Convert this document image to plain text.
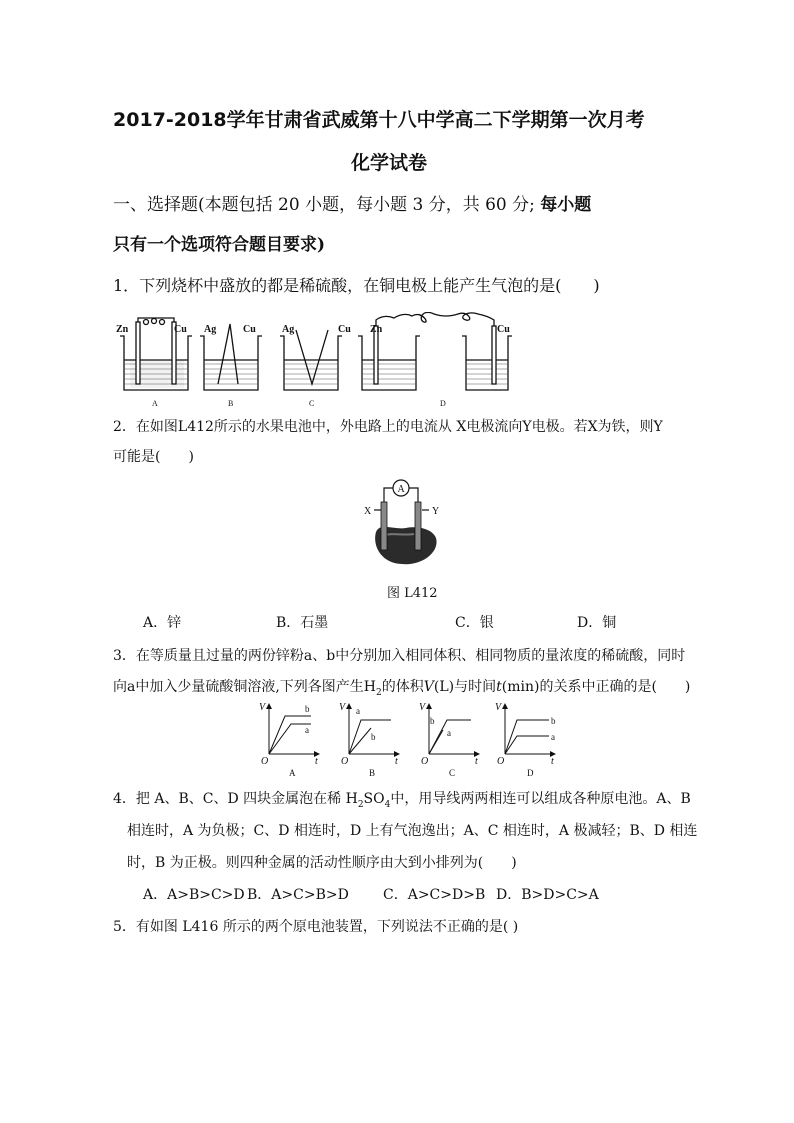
2017-2018学年甘肃省武威第十八中学高二下学期第一次月考
化学试卷
一、选择题(本题包括 20 小题，每小题 3 分，共 60 分; 每小题
只有一个选项符合题目要求)
1．下列烧杯中盛放的都是稀硫酸，在铜电极上能产生气泡的是(　　)
Zn	Cu Ag	Cu	Ag	Cu Zn	Cu
A	B	C	D
2．在如图L412所示的水果电池中，外电路上的电流从 X电极流向Y电极。若X为铁，则Y
可能是(　　)
A
X	Y
图 L412
A．锌	B．石墨	C．银	D．铜
3．在等质量且过量的两份锌粉a、b中分别加入相同体积、相同物质的量浓度的稀硫酸，同时
向a中加入少量硫酸铜溶液,下列各图产生$H_2$的体积V(L)与时间t(min)的关系中正确的是(　　)
V
O	t
V
O	t
V
O	t
V
O	t
b
a
a
b
b
a
b
a
A	B	C	D
4．把 A、B、C、D 四块金属泡在稀 $H_2SO_4$中，用导线两两相连可以组成各种原电池。A、B
相连时，A 为负极；C、D 相连时，D 上有气泡逸出；A、C 相连时，A 极减轻；B、D 相连
时，B 为正极。则四种金属的活动性顺序由大到小排列为(　　)
A．A>B>C>D B．A>C>B>D C．A>C>D>B D．B>D>C>A
5．有如图 L416 所示的两个原电池装置，下列说法不正确的是( )
